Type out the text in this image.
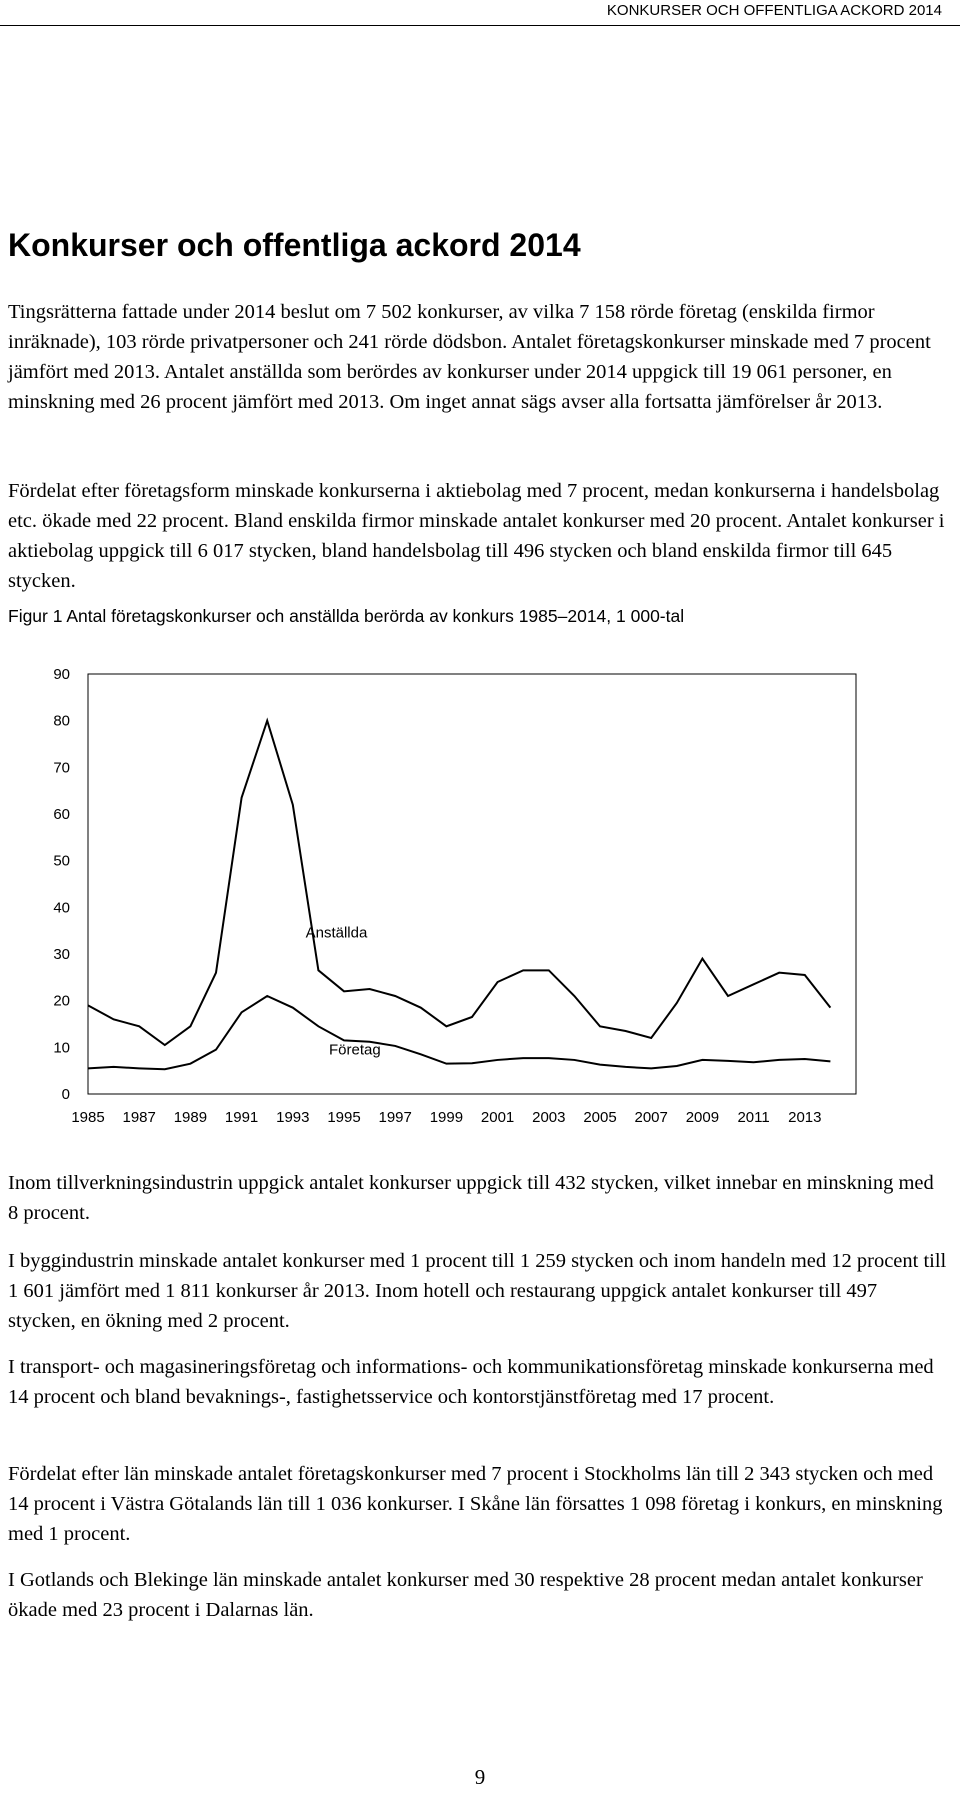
KONKURSER OCH OFFENTLIGA ACKORD 2014
Konkurser och offentliga ackord 2014

Tingsrätterna fattade under 2014 beslut om 7 502 konkurser, av vilka 7 158 rörde företag (enskilda firmor inräknade), 103 rörde privatpersoner och 241 rörde dödsbon. Antalet företagskonkurser minskade med 7 procent jämfört med 2013. Antalet anställda som berördes av konkurser under 2014 uppgick till 19 061 personer, en minskning med 26 procent jämfört med 2013. Om inget annat sägs avser alla fortsatta jämförelser år 2013.

Fördelat efter företagsform minskade konkurserna i aktiebolag med 7 procent, medan konkurserna i handelsbolag etc. ökade med 22 procent. Bland enskilda firmor minskade antalet konkurser med 20 procent. Antalet konkurser i aktiebolag uppgick till 6 017 stycken, bland handelsbolag till 496 stycken och bland enskilda firmor till 645 stycken.

Figur 1 Antal företagskonkurser och anställda berörda av konkurs 1985–2014, 1 000-tal

0
10
20
30
40
50
60
70
80
90
1985 1987 1989 1991 1993 1995 1997 1999 2001 2003 2005 2007 2009 2011 2013
Anställda
Företag

Inom tillverkningsindustrin uppgick antalet konkurser uppgick till 432 stycken, vilket innebar en minskning med 8 procent.

I byggindustrin minskade antalet konkurser med 1 procent till 1 259 stycken och inom handeln med 12 procent till 1 601 jämfört med 1 811 konkurser år 2013. Inom hotell och restaurang uppgick antalet konkurser till 497 stycken, en ökning med 2 procent.

I transport- och magasineringsföretag och informations- och kommunikationsföretag minskade konkurserna med 14 procent och bland bevaknings-, fastighetsservice och kontorstjänstföretag med 17 procent.

Fördelat efter län minskade antalet företagskonkurser med 7 procent i Stockholms län till 2 343 stycken och med 14 procent i Västra Götalands län till 1 036 konkurser. I Skåne län försattes 1 098 företag i konkurs, en minskning med 1 procent.

I Gotlands och Blekinge län minskade antalet konkurser med 30 respektive 28 procent medan antalet konkurser ökade med 23 procent i Dalarnas län.

9
